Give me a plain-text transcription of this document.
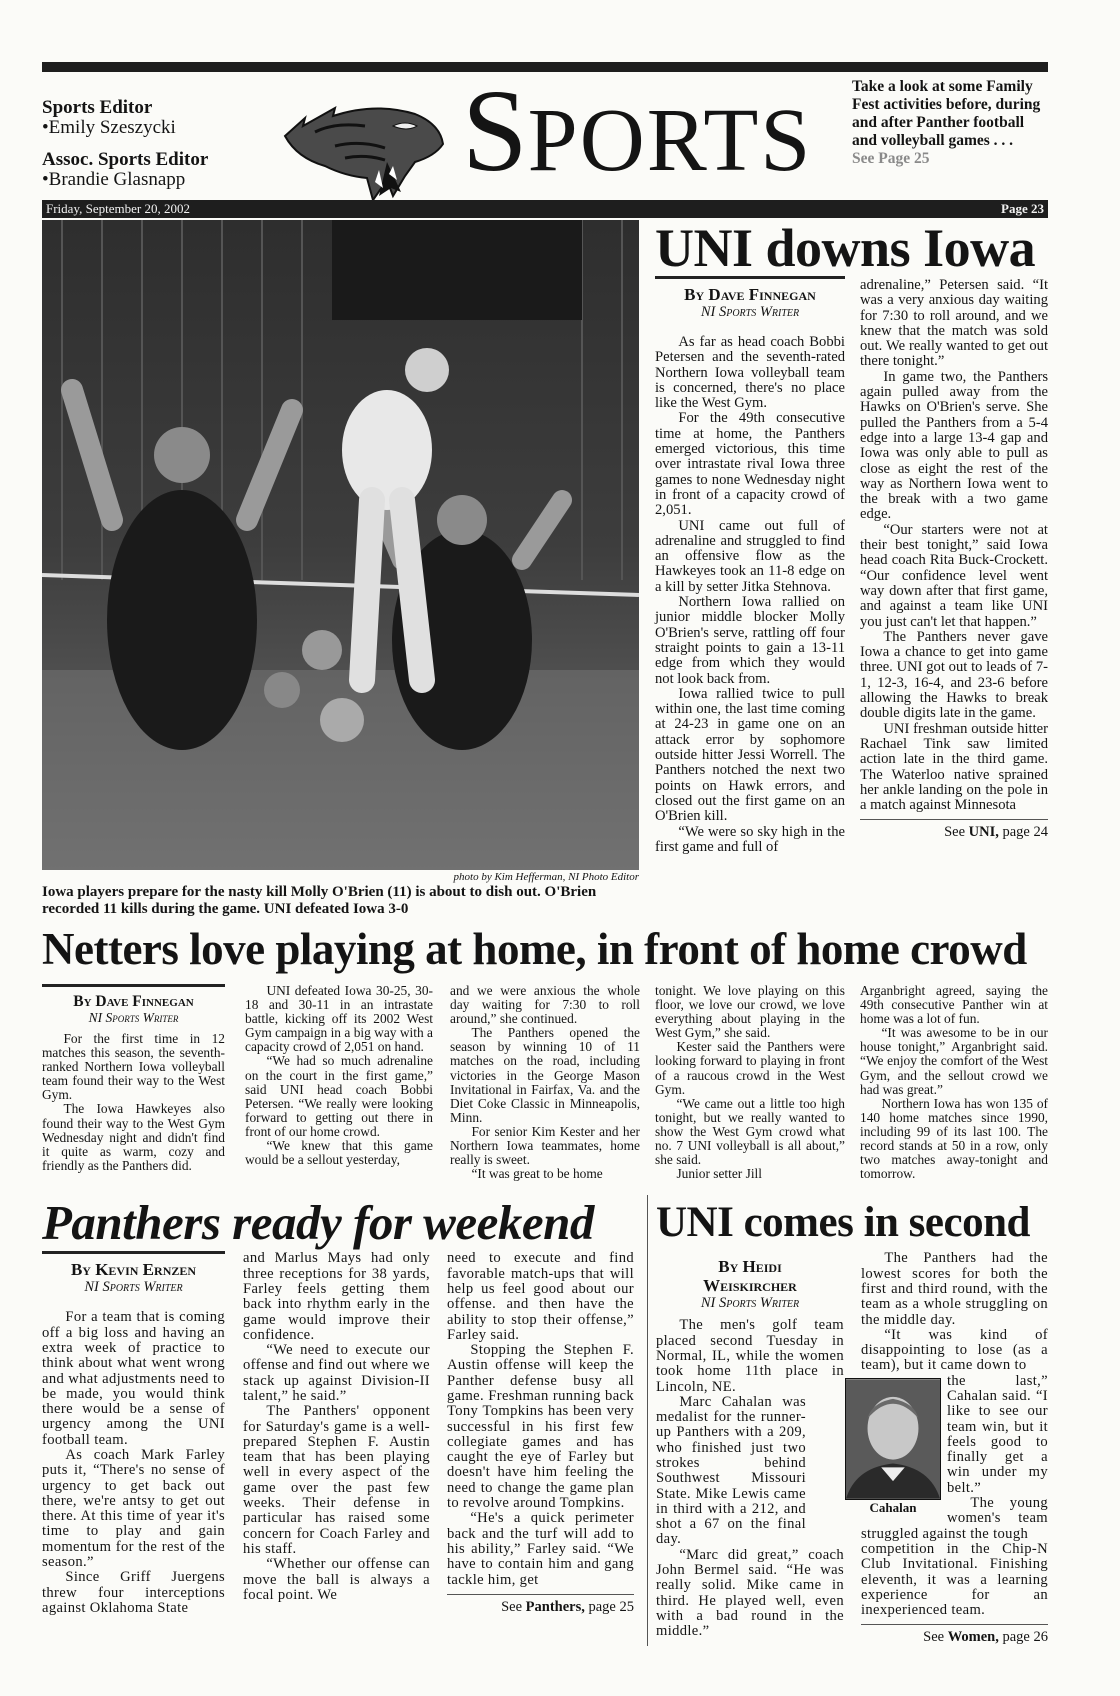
Sports Editor
•Emily Szeszycki
Assoc. Sports Editor
•Brandie Glasnapp SPORTS
Take a look at some Family Fest activities before, during and after Panther football and volleyball games . . .
See Page 25
Friday, September 20, 2002	Page 23
photo by Kim Hefferman, NI Photo Editor
Iowa players prepare for the nasty kill Molly O'Brien (11) is about to dish out. O'Brien recorded 11 kills during the game. UNI defeated Iowa 3-0
UNI downs Iowa
By Dave Finnegan
NI Sports Writer

As far as head coach Bobbi Petersen and the seventh-rated Northern Iowa volleyball team is concerned, there's no place like the West Gym.

For the 49th consecutive time at home, the Panthers emerged victorious, this time over intrastate rival Iowa three games to none Wednesday night in front of a capacity crowd of 2,051.

UNI came out full of adrenaline and struggled to find an offensive flow as the Hawkeyes took an 11-8 edge on a kill by setter Jitka Stehnova.

Northern Iowa rallied on junior middle blocker Molly O'Brien's serve, rattling off four straight points to gain a 13-11 edge from which they would not look back from.

Iowa rallied twice to pull within one, the last time coming at 24-23 in game one on an attack error by sophomore outside hitter Jessi Worrell. The Panthers notched the next two points on Hawk errors, and closed out the first game on an O'Brien kill.

“We were so sky high in the first game and full of

adrenaline,” Petersen said. “It was a very anxious day waiting for 7:30 to roll around, and we knew that the match was sold out. We really wanted to get out there tonight.”

In game two, the Panthers again pulled away from the Hawks on O'Brien's serve. She pulled the Panthers from a 5-4 edge into a large 13-4 gap and Iowa was only able to pull as close as eight the rest of the way as Northern Iowa went to the break with a two game edge.

“Our starters were not at their best tonight,” said Iowa head coach Rita Buck-Crockett. “Our confidence level went way down after that first game, and against a team like UNI you just can't let that happen.”

The Panthers never gave Iowa a chance to get into game three. UNI got out to leads of 7-1, 12-3, 16-4, and 23-6 before allowing the Hawks to break double digits late in the game.

UNI freshman outside hitter Rachael Tink saw limited action late in the third game. The Waterloo native sprained her ankle landing on the pole in a match against Minnesota

See UNI, page 24
Netters love playing at home, in front of home crowd
By Dave Finnegan
NI Sports Writer

For the first time in 12 matches this season, the seventh-ranked Northern Iowa volleyball team found their way to the West Gym.

The Iowa Hawkeyes also found their way to the West Gym Wednesday night and didn't find it quite as warm, cozy and friendly as the Panthers did.

UNI defeated Iowa 30-25, 30-18 and 30-11 in an intrastate battle, kicking off its 2002 West Gym campaign in a big way with a capacity crowd of 2,051 on hand.

“We had so much adrenaline on the court in the first game,” said UNI head coach Bobbi Petersen. “We really were looking forward to getting out there in front of our home crowd.

“We knew that this game would be a sellout yesterday,

and we were anxious the whole day waiting for 7:30 to roll around,” she continued.

The Panthers opened the season by winning 10 of 11 matches on the road, including victories in the George Mason Invitational in Fairfax, Va. and the Diet Coke Classic in Minneapolis, Minn.

For senior Kim Kester and her Northern Iowa teammates, home really is sweet.

“It was great to be home

tonight. We love playing on this floor, we love our crowd, we love everything about playing in the West Gym,” she said.

Kester said the Panthers were looking forward to playing in front of a raucous crowd in the West Gym.

“We came out a little too high tonight, but we really wanted to show the West Gym crowd what no. 7 UNI volleyball is all about,” she said.

Junior setter Jill

Arganbright agreed, saying the 49th consecutive Panther win at home was a lot of fun.

“It was awesome to be in our house tonight,” Arganbright said. “We enjoy the comfort of the West Gym, and the sellout crowd we had was great.”

Northern Iowa has won 135 of 140 home matches since 1990, including 99 of its last 100. The record stands at 50 in a row, only two matches away-tonight and tomorrow.

Panthers ready for weekend
By Kevin Ernzen
NI Sports Writer

For a team that is coming off a big loss and having an extra week of practice to think about what went wrong and what adjustments need to be made, you would think there would be a sense of urgency among the UNI football team.

As coach Mark Farley puts it, “There's no sense of urgency to get back out there, we're antsy to get out there. At this time of year it's time to play and gain momentum for the rest of the season.”

Since Griff Juergens threw four interceptions against Oklahoma State

and Marlus Mays had only three receptions for 38 yards, Farley feels getting them back into rhythm early in the game would improve their confidence.

“We need to execute our offense and find out where we stack up against Division-II talent,” he said.”

The Panthers' opponent for Saturday's game is a well-prepared Stephen F. Austin team that has been playing well in every aspect of the game over the past few weeks. Their defense in particular has raised some concern for Coach Farley and his staff.

“Whether our offense can move the ball is always a focal point. We

need to execute and find favorable match-ups that will help us feel good about our offense. and then have the ability to stop their offense,” Farley said.

Stopping the Stephen F. Austin offense will keep the Panther defense busy all game. Freshman running back Tony Tompkins has been very successful in his first few collegiate games and has caught the eye of Farley but doesn't have him feeling the need to change the game plan to revolve around Tompkins.

“He's a quick perimeter back and the turf will add to his ability,” Farley said. “We have to contain him and gang tackle him, get

See Panthers, page 25
UNI comes in second
By Heidi Weiskircher
NI Sports Writer

The men's golf team placed second Tuesday in Normal, IL, while the women took home 11th place in Lincoln, NE.

Marc Cahalan was medalist for the runner-up Panthers with a 209, who finished just two strokes behind Southwest Missouri State. Mike Lewis came in third with a 212, and shot a 67 on the final day.

“Marc did great,” coach John Bermel said. “He was really solid. Mike came in third. He played well, even with a bad round in the middle.”

The Panthers had the lowest scores for both the first and third round, with the team as a whole struggling on the middle day.

“It was kind of disappointing to lose (as a team), but it came down to

Cahalan

the last,” Cahalan said. “I like to see our team win, but it feels good to finally get a win under my belt.”

The young women's team struggled against the tough

competition in the Chip-N Club Invitational. Finishing eleventh, it was a learning experience for an inexperienced team.

See Women, page 26
